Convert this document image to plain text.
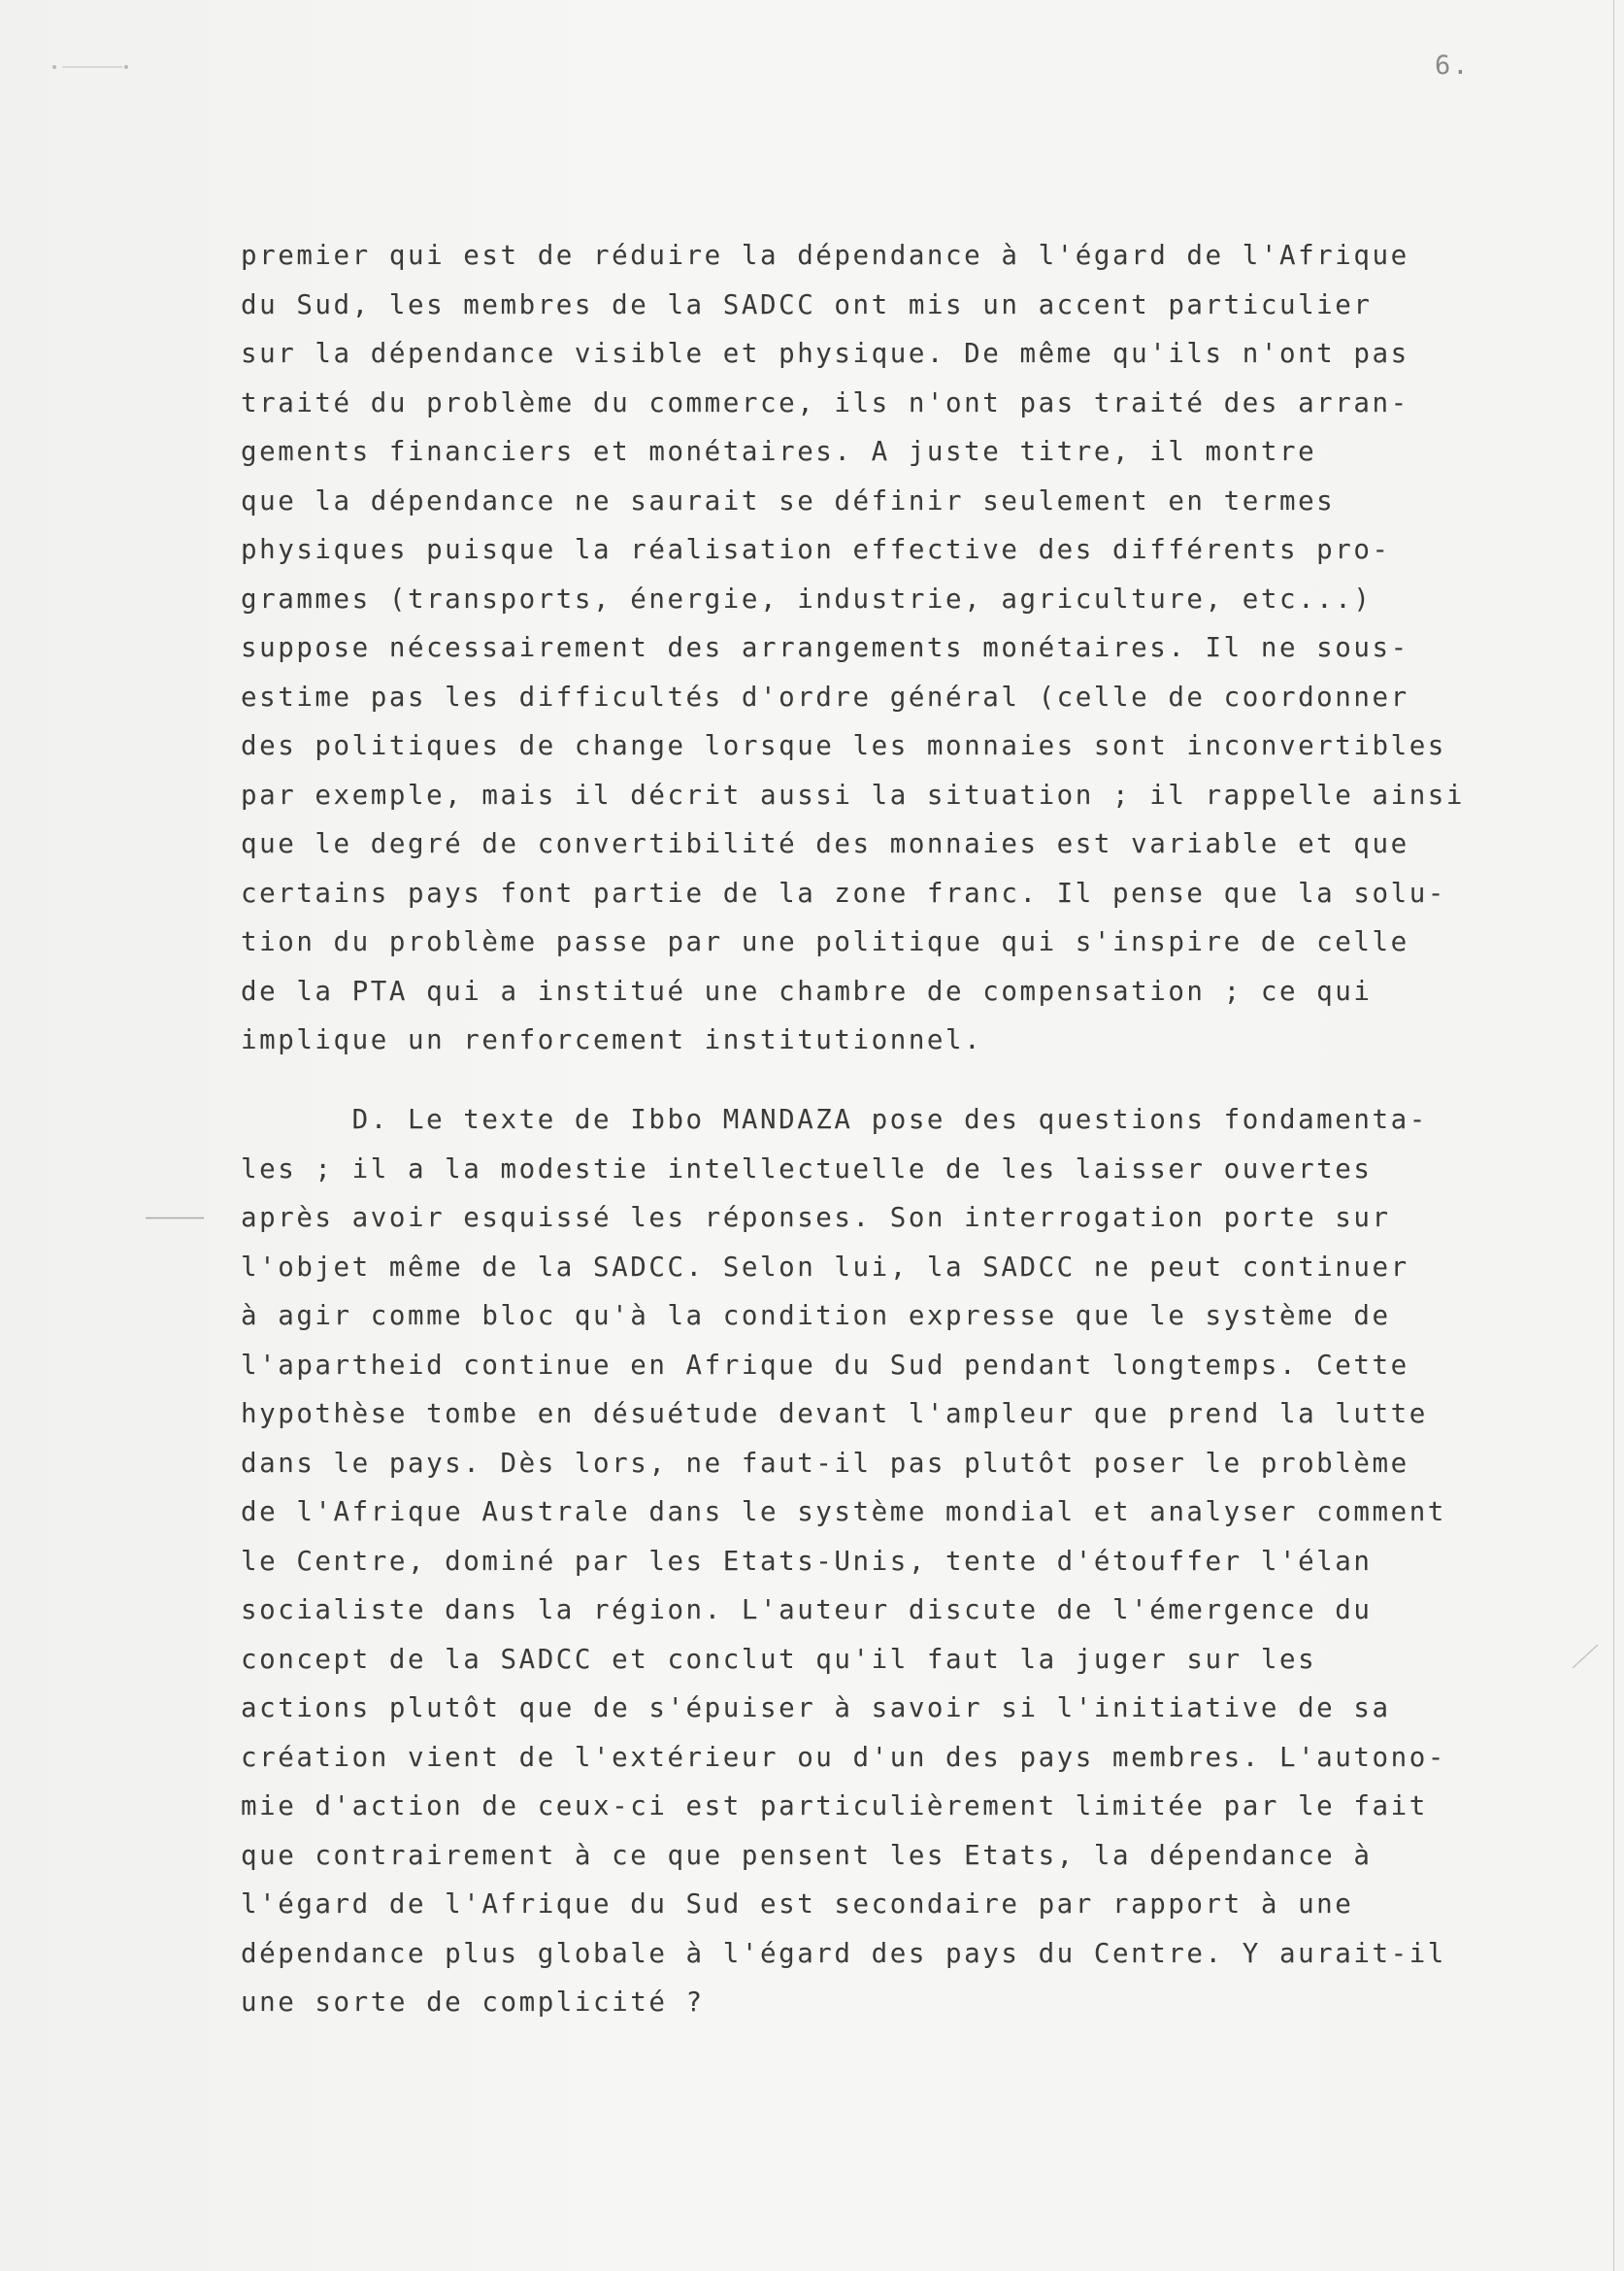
6.
premier qui est de réduire la dépendance à l'égard de l'Afrique
du Sud, les membres de la SADCC ont mis un accent particulier
sur la dépendance visible et physique. De même qu'ils n'ont pas
traité du problème du commerce, ils n'ont pas traité des arran-
gements financiers et monétaires. A juste titre, il montre
que la dépendance ne saurait se définir seulement en termes
physiques puisque la réalisation effective des différents pro-
grammes (transports, énergie, industrie, agriculture, etc...)
suppose nécessairement des arrangements monétaires. Il ne sous-
estime pas les difficultés d'ordre général (celle de coordonner
des politiques de change lorsque les monnaies sont inconvertibles
par exemple, mais il décrit aussi la situation ; il rappelle ainsi
que le degré de convertibilité des monnaies est variable et que
certains pays font partie de la zone franc. Il pense que la solu-
tion du problème passe par une politique qui s'inspire de celle
de la PTA qui a institué une chambre de compensation ; ce qui
implique un renforcement institutionnel.
D. Le texte de Ibbo MANDAZA pose des questions fondamenta-
les ; il a la modestie intellectuelle de les laisser ouvertes
après avoir esquissé les réponses. Son interrogation porte sur
l'objet même de la SADCC. Selon lui, la SADCC ne peut continuer
à agir comme bloc qu'à la condition expresse que le système de
l'apartheid continue en Afrique du Sud pendant longtemps. Cette
hypothèse tombe en désuétude devant l'ampleur que prend la lutte
dans le pays. Dès lors, ne faut-il pas plutôt poser le problème
de l'Afrique Australe dans le système mondial et analyser comment
le Centre, dominé par les Etats-Unis, tente d'étouffer l'élan
socialiste dans la région. L'auteur discute de l'émergence du
concept de la SADCC et conclut qu'il faut la juger sur les
actions plutôt que de s'épuiser à savoir si l'initiative de sa
création vient de l'extérieur ou d'un des pays membres. L'autono-
mie d'action de ceux-ci est particulièrement limitée par le fait
que contrairement à ce que pensent les Etats, la dépendance à
l'égard de l'Afrique du Sud est secondaire par rapport à une
dépendance plus globale à l'égard des pays du Centre. Y aurait-il
une sorte de complicité ?
